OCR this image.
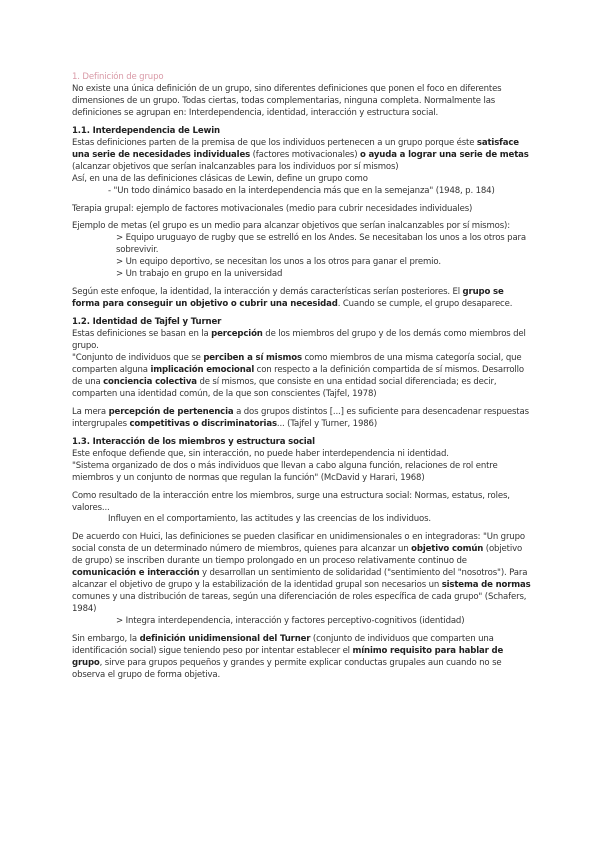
1. Definición de grupo

No existe una única definición de un grupo, sino diferentes definiciones que ponen el foco en diferentes dimensiones de un grupo. Todas ciertas, todas complementarias, ninguna completa. Normalmente las definiciones se agrupan en: Interdependencia, identidad, interacción y estructura social.

1.1. Interdependencia de Lewin

Estas definiciones parten de la premisa de que los individuos pertenecen a un grupo porque éste satisface una serie de necesidades individuales (factores motivacionales) o ayuda a lograr una serie de metas (alcanzar objetivos que serían inalcanzables para los individuos por sí mismos)

Así, en una de las definiciones clásicas de Lewin, define un grupo como

- "Un todo dinámico basado en la interdependencia más que en la semejanza" (1948, p. 184)

Terapia grupal: ejemplo de factores motivacionales (medio para cubrir necesidades individuales)

Ejemplo de metas (el grupo es un medio para alcanzar objetivos que serían inalcanzables por sí mismos):

> Equipo uruguayo de rugby que se estrelló en los Andes. Se necesitaban los unos a los otros para sobrevivir.

> Un equipo deportivo, se necesitan los unos a los otros para ganar el premio.

> Un trabajo en grupo en la universidad

Según este enfoque, la identidad, la interacción y demás características serían posteriores. El grupo se forma para conseguir un objetivo o cubrir una necesidad. Cuando se cumple, el grupo desaparece.

1.2. Identidad de Tajfel y Turner

Estas definiciones se basan en la percepción de los miembros del grupo y de los demás como miembros del grupo.

"Conjunto de individuos que se perciben a sí mismos como miembros de una misma categoría social, que comparten alguna implicación emocional con respecto a la definición compartida de sí mismos. Desarrollo de una conciencia colectiva de sí mismos, que consiste en una entidad social diferenciada; es decir, comparten una identidad común, de la que son conscientes (Tajfel, 1978)

La mera percepción de pertenencia a dos grupos distintos [...] es suficiente para desencadenar respuestas intergrupales competitivas o discriminatorias... (Tajfel y Turner, 1986)

1.3. Interacción de los miembros y estructura social

Este enfoque defiende que, sin interacción, no puede haber interdependencia ni identidad.

"Sistema organizado de dos o más individuos que llevan a cabo alguna función, relaciones de rol entre miembros y un conjunto de normas que regulan la función" (McDavid y Harari, 1968)

Como resultado de la interacción entre los miembros, surge una estructura social: Normas, estatus, roles, valores...

Influyen en el comportamiento, las actitudes y las creencias de los individuos.

De acuerdo con Huici, las definiciones se pueden clasificar en unidimensionales o en integradoras: "Un grupo social consta de un determinado número de miembros, quienes para alcanzar un objetivo común (objetivo de grupo) se inscriben durante un tiempo prolongado en un proceso relativamente continuo de comunicación e interacción y desarrollan un sentimiento de solidaridad ("sentimiento del "nosotros"). Para alcanzar el objetivo de grupo y la estabilización de la identidad grupal son necesarios un sistema de normas comunes y una distribución de tareas, según una diferenciación de roles específica de cada grupo" (Schafers, 1984)

> Integra interdependencia, interacción y factores perceptivo-cognitivos (identidad)

Sin embargo, la definición unidimensional del Turner (conjunto de individuos que comparten una identificación social) sigue teniendo peso por intentar establecer el mínimo requisito para hablar de grupo, sirve para grupos pequeños y grandes y permite explicar conductas grupales aun cuando no se observa el grupo de forma objetiva.
